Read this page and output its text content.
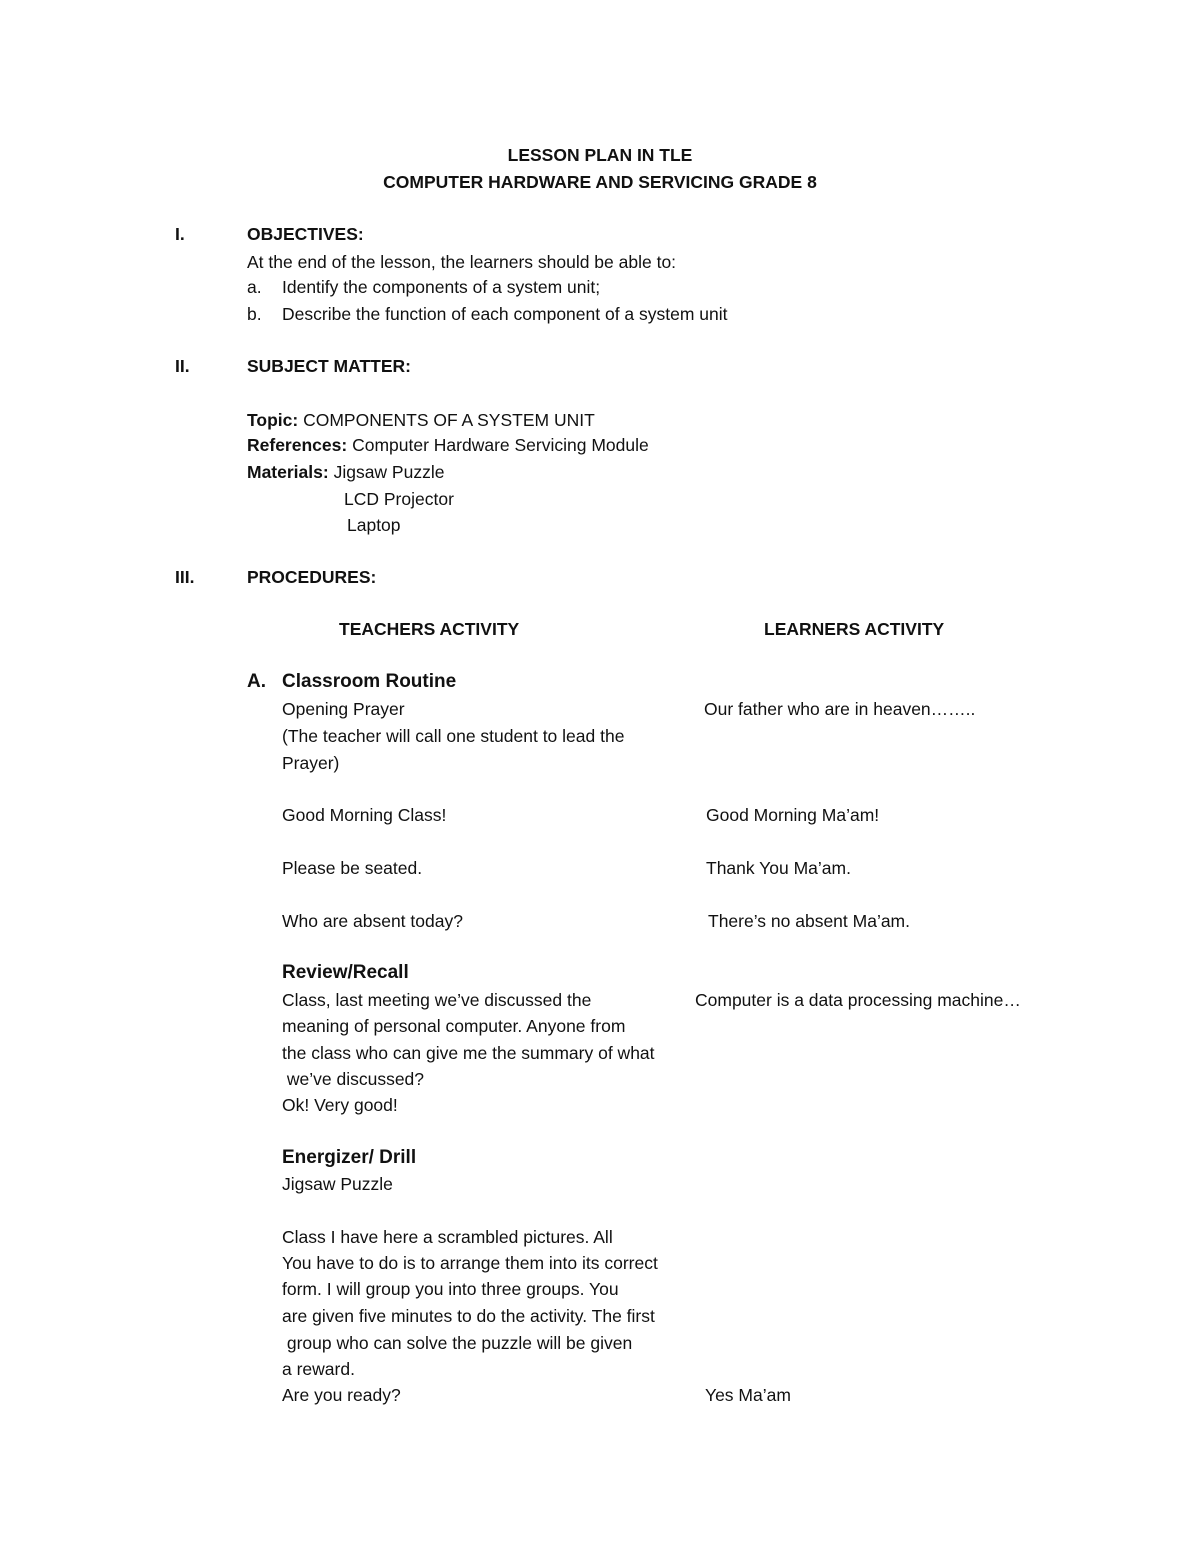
LESSON PLAN IN TLE
COMPUTER HARDWARE AND SERVICING GRADE 8
I.	OBJECTIVES:
At the end of the lesson, the learners should be able to:
a. Identify the components of a system unit;
b. Describe the function of each component of a system unit
II.	SUBJECT MATTER:
Topic: COMPONENTS OF A SYSTEM UNIT
References: Computer Hardware Servicing Module
Materials: Jigsaw Puzzle
LCD Projector
Laptop
III.	PROCEDURES:
TEACHERS ACTIVITY	LEARNERS ACTIVITY
A. Classroom Routine
Opening Prayer	Our father who are in heaven……..
(The teacher will call one student to lead the
Prayer)
Good Morning Class!	Good Morning Ma’am!
Please be seated.	Thank You Ma’am.
Who are absent today?	There’s no absent Ma’am.
Review/Recall
Class, last meeting we’ve discussed the	Computer is a data processing machine…
meaning of personal computer. Anyone from
the class who can give me the summary of what
we’ve discussed?
Ok! Very good!
Energizer/ Drill
Jigsaw Puzzle
Class I have here a scrambled pictures. All
You have to do is to arrange them into its correct
form. I will group you into three groups. You
are given five minutes to do the activity. The first
group who can solve the puzzle will be given
a reward.
Are you ready?	Yes Ma’am
